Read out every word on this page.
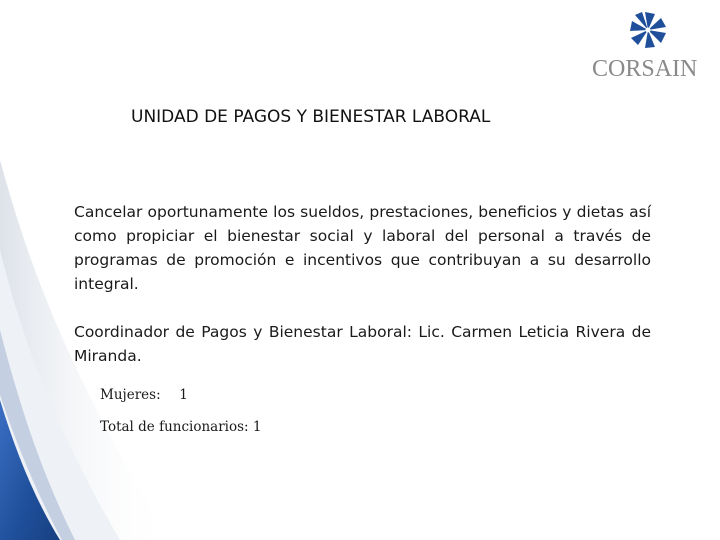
CORSAIN
UNIDAD DE PAGOS Y BIENESTAR LABORAL

Cancelar oportunamente los sueldos, prestaciones, beneficios y dietas así como propiciar el bienestar social y laboral del personal a través de programas de promoción e incentivos que contribuyan a su desarrollo integral.

Coordinador de Pagos y Bienestar Laboral: Lic. Carmen Leticia Rivera de Miranda.

Mujeres: 1
Total de funcionarios: 1
